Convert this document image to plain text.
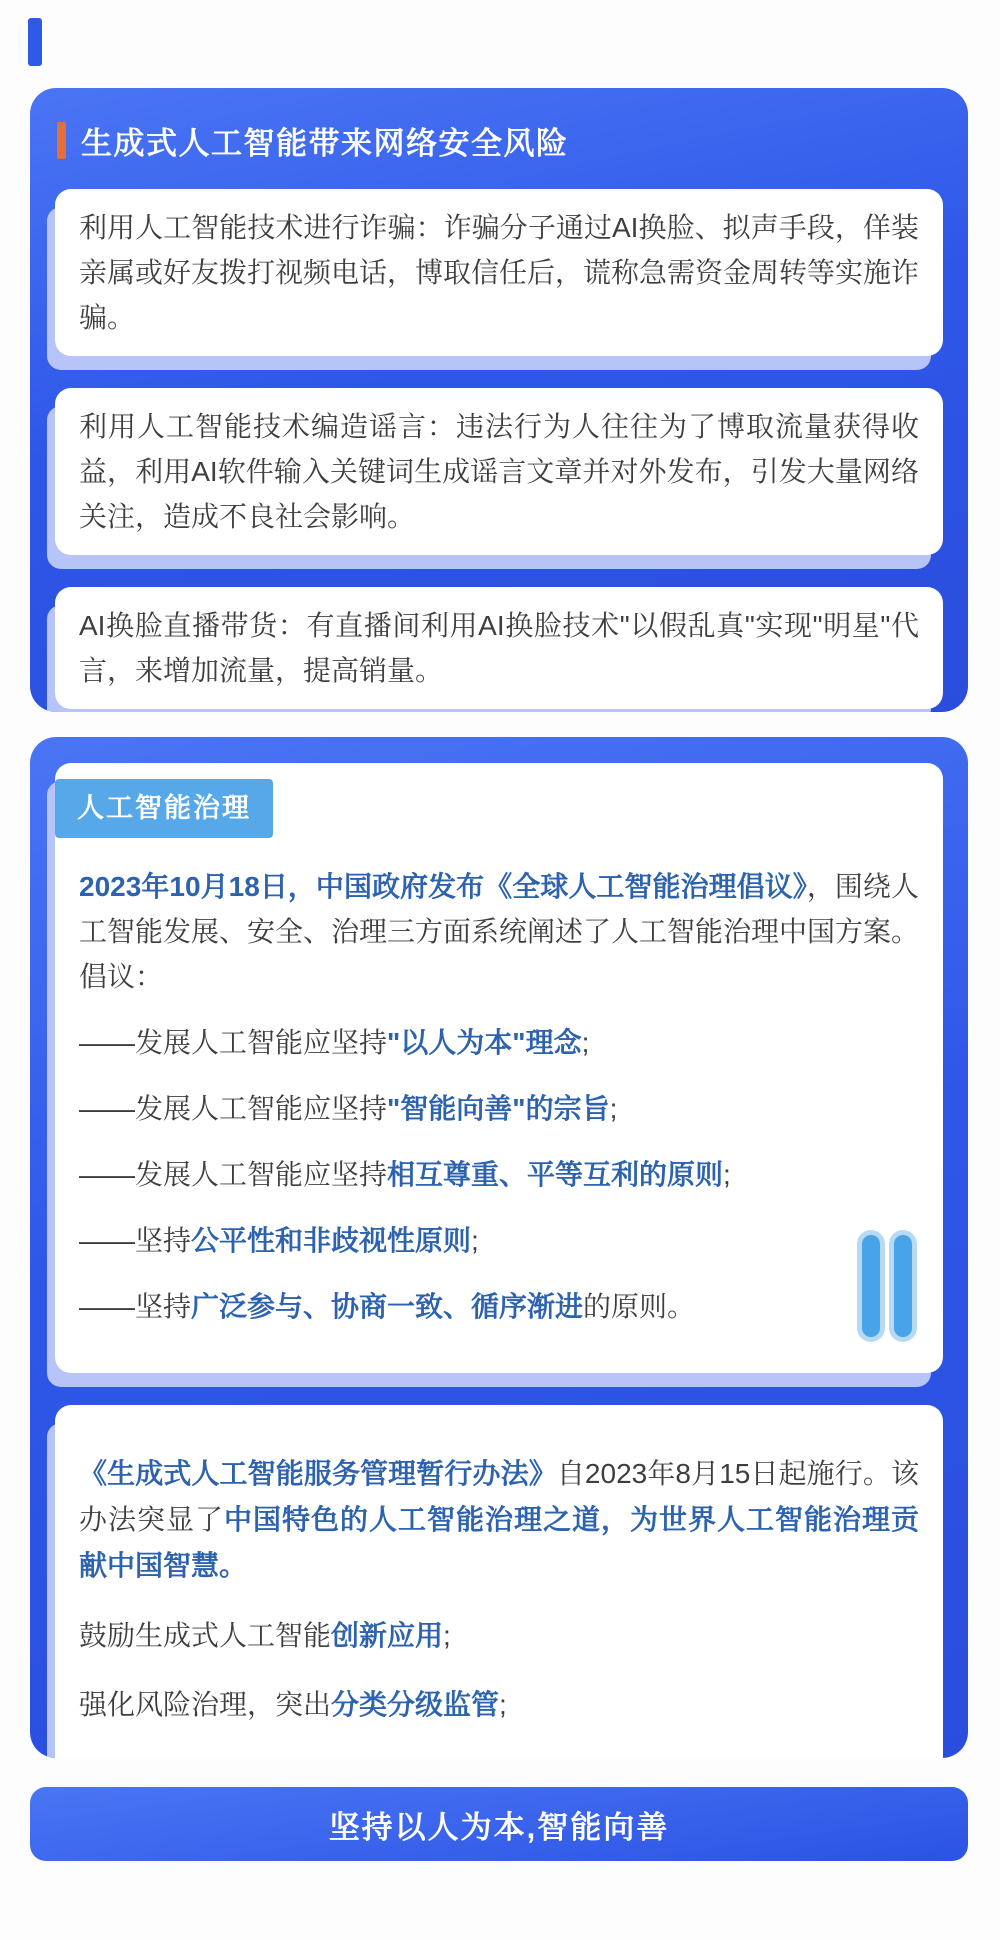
生成式人工智能带来网络安全风险
利用人工智能技术进行诈骗：诈骗分子通过AI换脸、拟声手段，佯装亲属或好友拨打视频电话，博取信任后，谎称急需资金周转等实施诈骗。
利用人工智能技术编造谣言：违法行为人往往为了博取流量获得收益，利用AI软件输入关键词生成谣言文章并对外发布，引发大量网络关注，造成不良社会影响。
AI换脸直播带货：有直播间利用AI换脸技术"以假乱真"实现"明星"代言，来增加流量，提高销量。
人工智能治理
2023年10月18日，中国政府发布《全球人工智能治理倡议》，围绕人工智能发展、安全、治理三方面系统阐述了人工智能治理中国方案。倡议：

——发展人工智能应坚持"以人为本"理念;

——发展人工智能应坚持"智能向善"的宗旨;

——发展人工智能应坚持相互尊重、平等互利的原则;

——坚持公平性和非歧视性原则;

——坚持广泛参与、协商一致、循序渐进的原则。

《生成式人工智能服务管理暂行办法》自2023年8月15日起施行。该办法突显了中国特色的人工智能治理之道，为世界人工智能治理贡献中国智慧。

鼓励生成式人工智能创新应用;

强化风险治理，突出分类分级监管;

坚持以人为本,智能向善
